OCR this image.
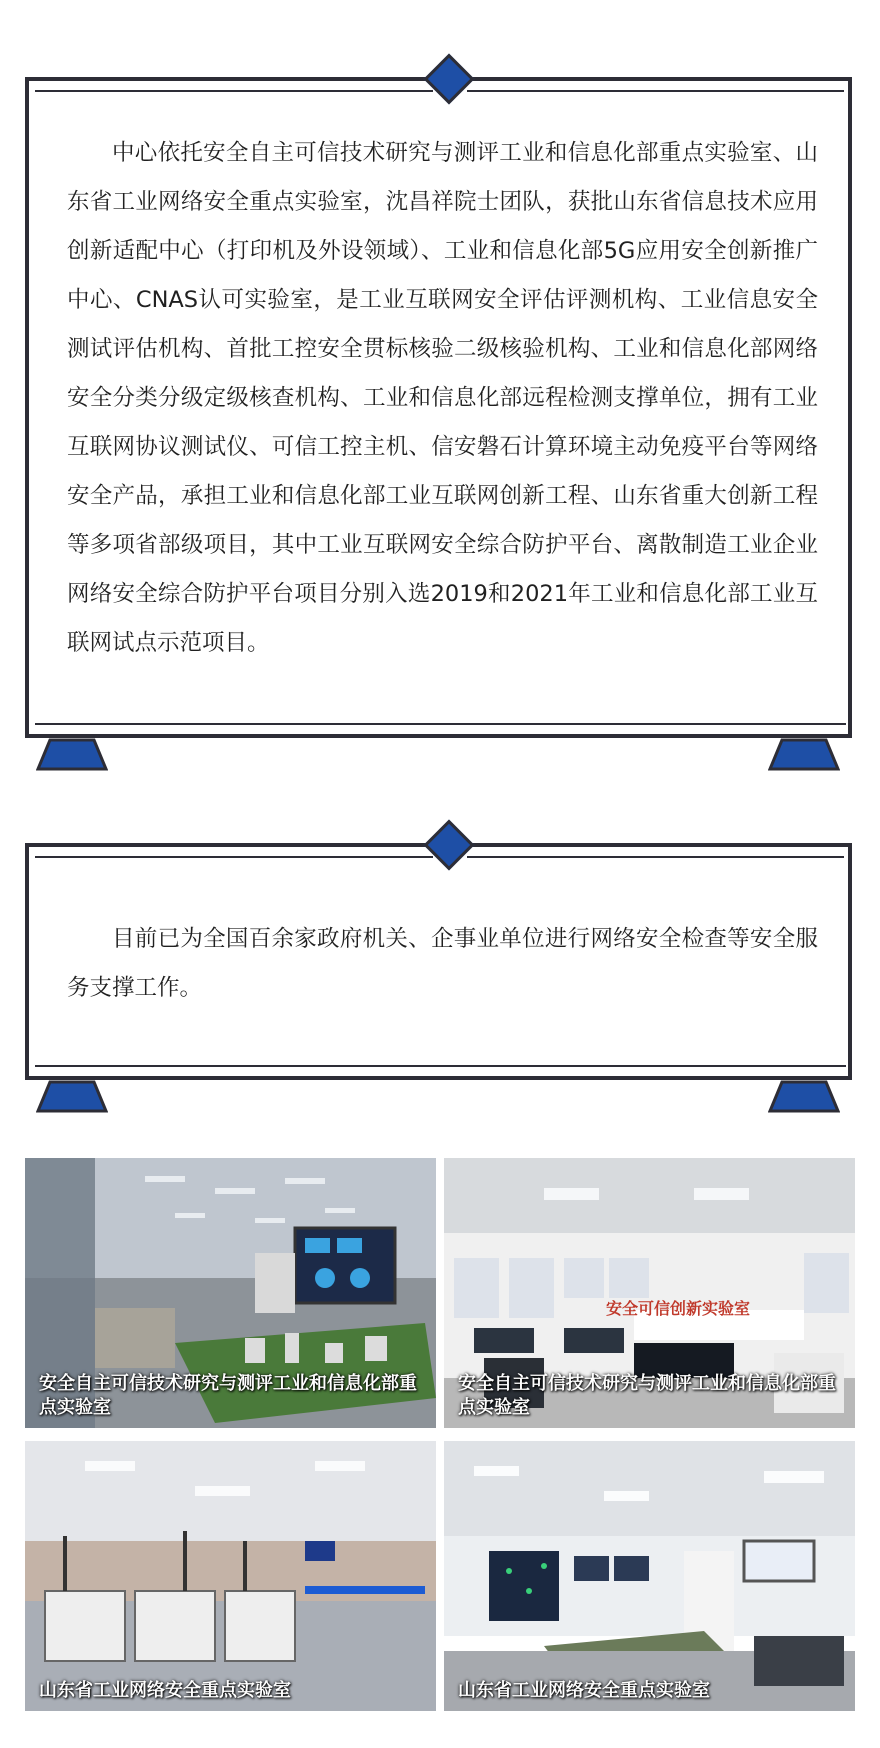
中心依托安全自主可信技术研究与测评工业和信息化部重点实验室、山东省工业网络安全重点实验室，沈昌祥院士团队，获批山东省信息技术应用创新适配中心（打印机及外设领域）、工业和信息化部5G应用安全创新推广中心、CNAS认可实验室，是工业互联网安全评估评测机构、工业信息安全测试评估机构、首批工控安全贯标核验二级核验机构、工业和信息化部网络安全分类分级定级核查机构、工业和信息化部远程检测支撑单位，拥有工业互联网协议测试仪、可信工控主机、信安磐石计算环境主动免疫平台等网络安全产品，承担工业和信息化部工业互联网创新工程、山东省重大创新工程等多项省部级项目，其中工业互联网安全综合防护平台、离散制造工业企业网络安全综合防护平台项目分别入选2019和2021年工业和信息化部工业互联网试点示范项目。
目前已为全国百余家政府机关、企事业单位进行网络安全检查等安全服务支撑工作。
安全自主可信技术研究与测评工业和信息化部重点实验室
安全可信创新实验室
安全自主可信技术研究与测评工业和信息化部重点实验室
山东省工业网络安全重点实验室	山东省工业网络安全重点实验室
